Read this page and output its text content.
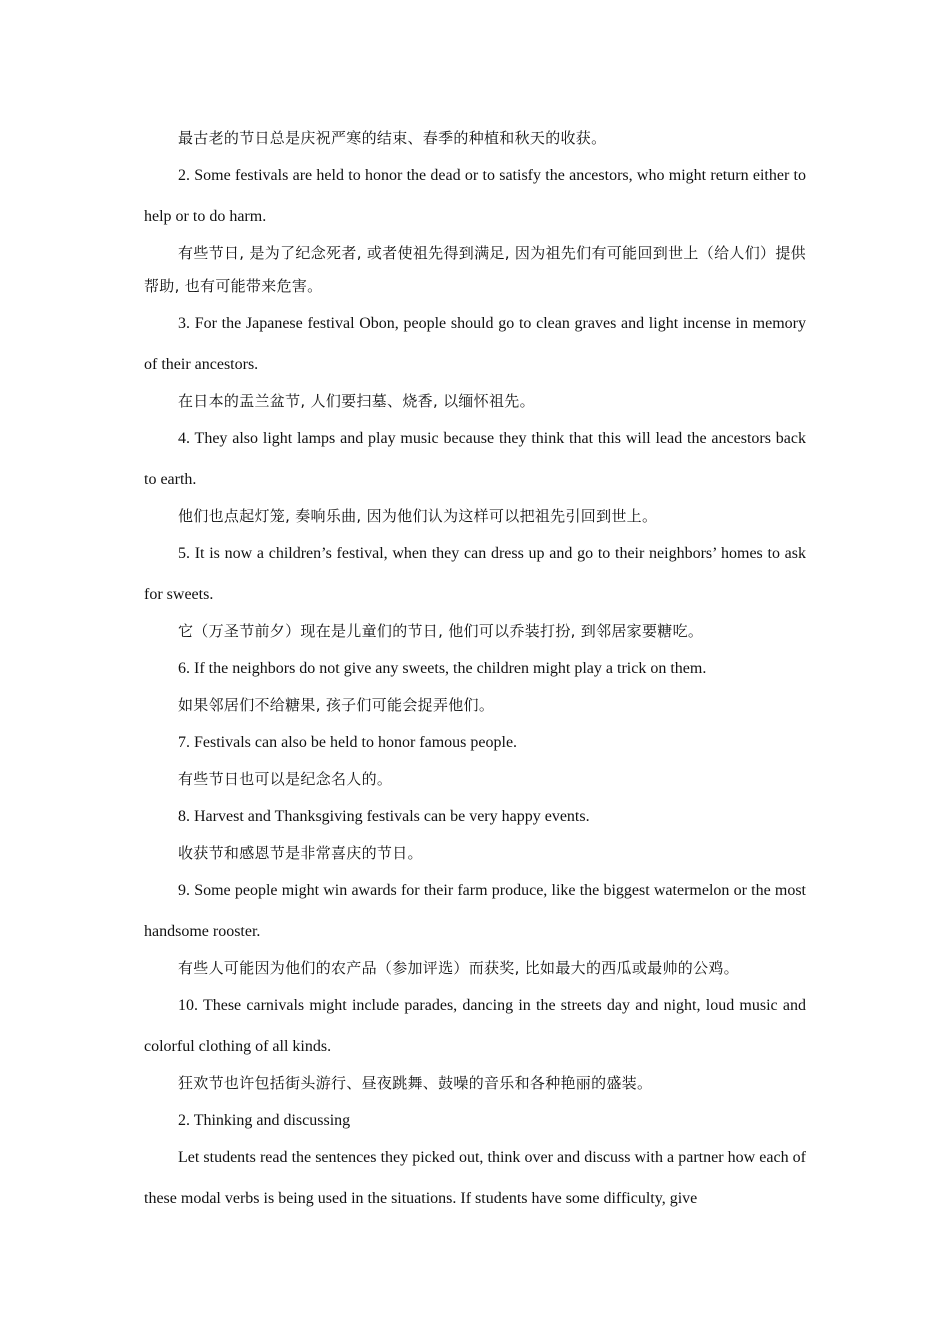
最古老的节日总是庆祝严寒的结束、春季的种植和秋天的收获。

2. Some festivals are held to honor the dead or to satisfy the ancestors, who might return either to help or to do harm.

有些节日, 是为了纪念死者, 或者使祖先得到满足, 因为祖先们有可能回到世上（给人们）提供帮助, 也有可能带来危害。

3. For the Japanese festival Obon, people should go to clean graves and light incense in memory of their ancestors.

在日本的盂兰盆节, 人们要扫墓、烧香, 以缅怀祖先。

4. They also light lamps and play music because they think that this will lead the ancestors back to earth.

他们也点起灯笼, 奏响乐曲, 因为他们认为这样可以把祖先引回到世上。

5. It is now a children’s festival, when they can dress up and go to their neighbors’ homes to ask for sweets.

它（万圣节前夕）现在是儿童们的节日, 他们可以乔装打扮, 到邻居家要糖吃。

6. If the neighbors do not give any sweets, the children might play a trick on them.

如果邻居们不给糖果, 孩子们可能会捉弄他们。

7. Festivals can also be held to honor famous people.

有些节日也可以是纪念名人的。

8. Harvest and Thanksgiving festivals can be very happy events.

收获节和感恩节是非常喜庆的节日。

9. Some people might win awards for their farm produce, like the biggest watermelon or the most handsome rooster.

有些人可能因为他们的农产品（参加评选）而获奖, 比如最大的西瓜或最帅的公鸡。

10. These carnivals might include parades, dancing in the streets day and night, loud music and colorful clothing of all kinds.

狂欢节也许包括街头游行、昼夜跳舞、鼓噪的音乐和各种艳丽的盛装。

2. Thinking and discussing

Let students read the sentences they picked out, think over and discuss with a partner how each of these modal verbs is being used in the situations. If students have some difficulty, give
